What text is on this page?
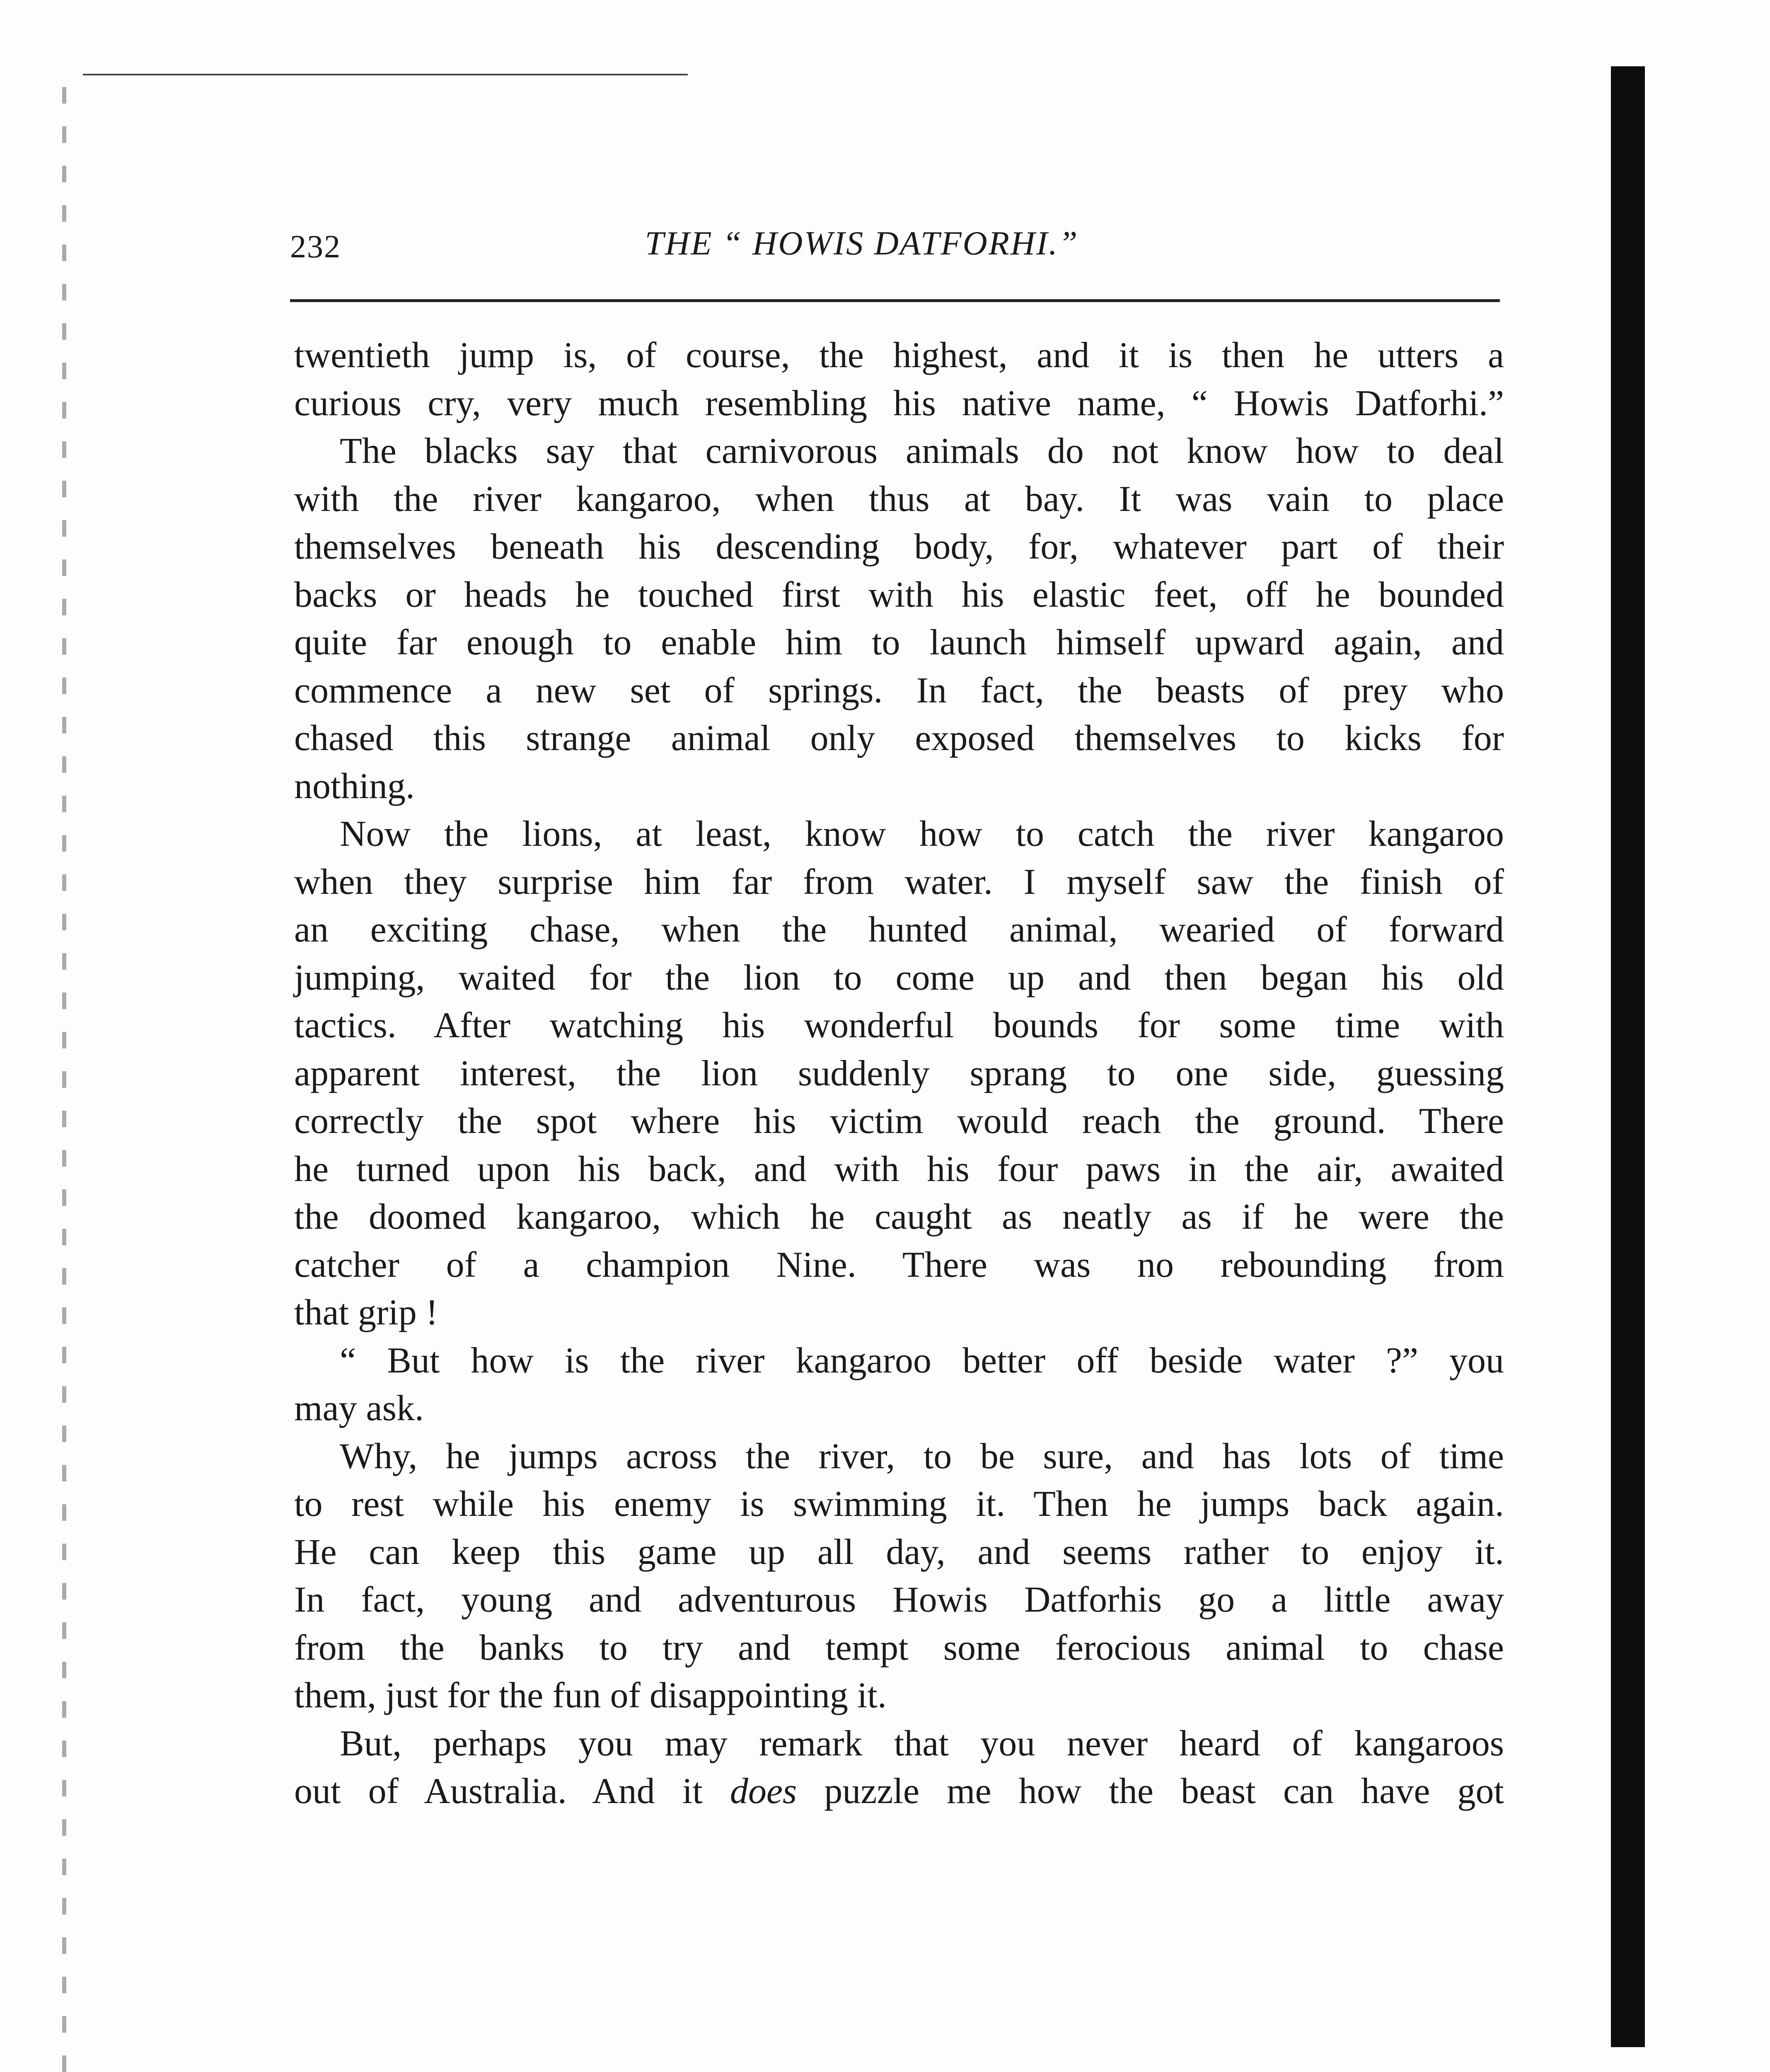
232	THE “ HOWIS DATFORHI.”
twentieth jump is, of course, the highest, and it is then he utters a
curious cry, very much resembling his native name, “ Howis Datforhi.”
The blacks say that carnivorous animals do not know how to deal
with the river kangaroo, when thus at bay. It was vain to place
themselves beneath his descending body, for, whatever part of their
backs or heads he touched first with his elastic feet, off he bounded
quite far enough to enable him to launch himself upward again, and
commence a new set of springs. In fact, the beasts of prey who
chased this strange animal only exposed themselves to kicks for
nothing.
Now the lions, at least, know how to catch the river kangaroo
when they surprise him far from water. I myself saw the finish of
an exciting chase, when the hunted animal, wearied of forward
jumping, waited for the lion to come up and then began his old
tactics. After watching his wonderful bounds for some time with
apparent interest, the lion suddenly sprang to one side, guessing
correctly the spot where his victim would reach the ground. There
he turned upon his back, and with his four paws in the air, awaited
the doomed kangaroo, which he caught as neatly as if he were the
catcher of a champion Nine. There was no rebounding from
that grip !
“ But how is the river kangaroo better off beside water ?” you
may ask.
Why, he jumps across the river, to be sure, and has lots of time
to rest while his enemy is swimming it. Then he jumps back again.
He can keep this game up all day, and seems rather to enjoy it.
In fact, young and adventurous Howis Datforhis go a little away
from the banks to try and tempt some ferocious animal to chase
them, just for the fun of disappointing it.
But, perhaps you may remark that you never heard of kangaroos
out of Australia. And it does puzzle me how the beast can have got
